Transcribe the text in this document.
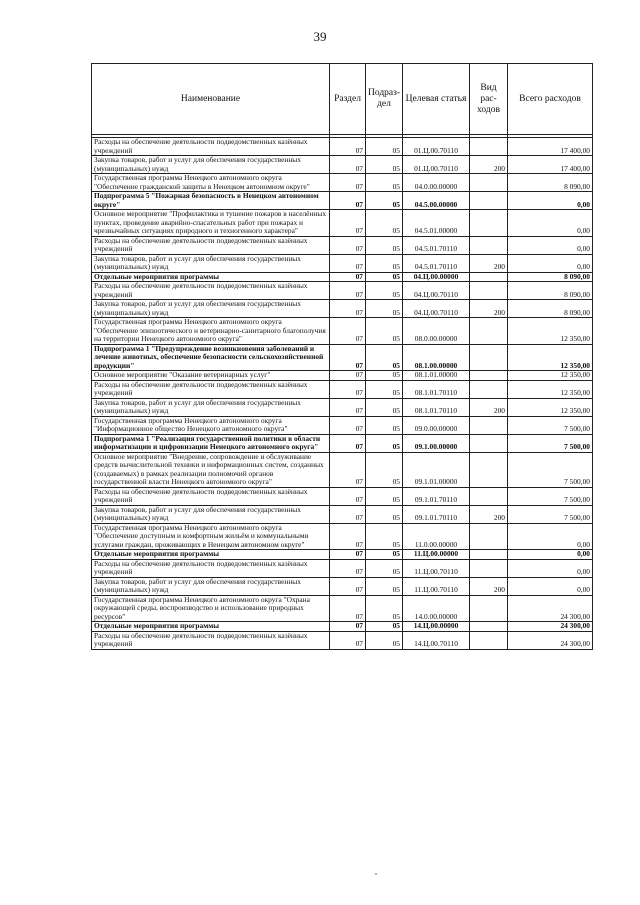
39
Наименование	Раздел	Подраз-дел	Целевая статья	Вид рас-ходов	Всего расходов

Расходы на обеспечение деятельности подведомственных казённых учреждений	07	05	01.Ц.00.70110		17 400,00
Закупка товаров, работ и услуг для обеспечения государственных (муниципальных) нужд	07	05	01.Ц.00.70110	200	17 400,00
Государственная программа Ненецкого автономного округа "Обеспечение гражданской защиты в Ненецком автономном округе"	07	05	04.0.00.00000		8 090,00
Подпрограмма 5 "Пожарная безопасность в Ненецком автономном округе"	07	05	04.5.00.00000		0,00
Основное мероприятие "Профилактика и тушение пожаров в населённых пунктах, проведение аварийно-спасательных работ при пожарах и чрезвычайных ситуациях природного и техногенного характера"	07	05	04.5.01.00000		0,00
Расходы на обеспечение деятельности подведомственных казённых учреждений	07	05	04.5.01.70110		0,00
Закупка товаров, работ и услуг для обеспечения государственных (муниципальных) нужд	07	05	04.5.01.70110	200	0,00
Отдельные мероприятия программы	07	05	04.Ц.00.00000		8 090,00
Расходы на обеспечение деятельности подведомственных казённых учреждений	07	05	04.Ц.00.70110		8 090,00
Закупка товаров, работ и услуг для обеспечения государственных (муниципальных) нужд	07	05	04.Ц.00.70110	200	8 090,00
Государственная программа Ненецкого автономного округа "Обеспечение эпизоотического и ветеринарно-санитарного благополучия на территории Ненецкого автономного округа"	07	05	08.0.00.00000		12 350,00
Подпрограмма 1 "Предупреждение возникновения заболеваний и лечение животных, обеспечение безопасности сельскохозяйственной продукции"	07	05	08.1.00.00000		12 350,00
Основное мероприятие "Оказание ветеринарных услуг"	07	05	08.1.01.00000		12 350,00
Расходы на обеспечение деятельности подведомственных казённых учреждений	07	05	08.1.01.70110		12 350,00
Закупка товаров, работ и услуг для обеспечения государственных (муниципальных) нужд	07	05	08.1.01.70110	200	12 350,00
Государственная программа Ненецкого автономного округа "Информационное общество Ненецкого автономного округа"	07	05	09.0.00.00000		7 500,00
Подпрограмма 1 "Реализация государственной политики в области информатизации и цифровизации Ненецкого автономного округа"	07	05	09.1.00.00000		7 500,00
Основное мероприятие "Внедрение, сопровождение и обслуживание средств вычислительной техники и информационных систем, созданных (создаваемых) в рамках реализации полномочий органов государственной власти Ненецкого автономного округа"	07	05	09.1.01.00000		7 500,00
Расходы на обеспечение деятельности подведомственных казённых учреждений	07	05	09.1.01.70110		7 500,00
Закупка товаров, работ и услуг для обеспечения государственных (муниципальных) нужд	07	05	09.1.01.70110	200	7 500,00
Государственная программа Ненецкого автономного округа "Обеспечение доступным и комфортным жильём и коммунальными услугами граждан, проживающих в Ненецком автономном округе"	07	05	11.0.00.00000		0,00
Отдельные мероприятия программы	07	05	11.Ц.00.00000		0,00
Расходы на обеспечение деятельности подведомственных казённых учреждений	07	05	11.Ц.00.70110		0,00
Закупка товаров, работ и услуг для обеспечения государственных (муниципальных) нужд	07	05	11.Ц.00.70110	200	0,00
Государственная программа Ненецкого автономного округа "Охрана окружающей среды, воспроизводство и использование природных ресурсов"	07	05	14.0.00.00000		24 300,00
Отдельные мероприятия программы	07	05	14.Ц.00.00000		24 300,00
Расходы на обеспечение деятельности подведомственных казённых учреждений	07	05	14.Ц.00.70110		24 300,00
